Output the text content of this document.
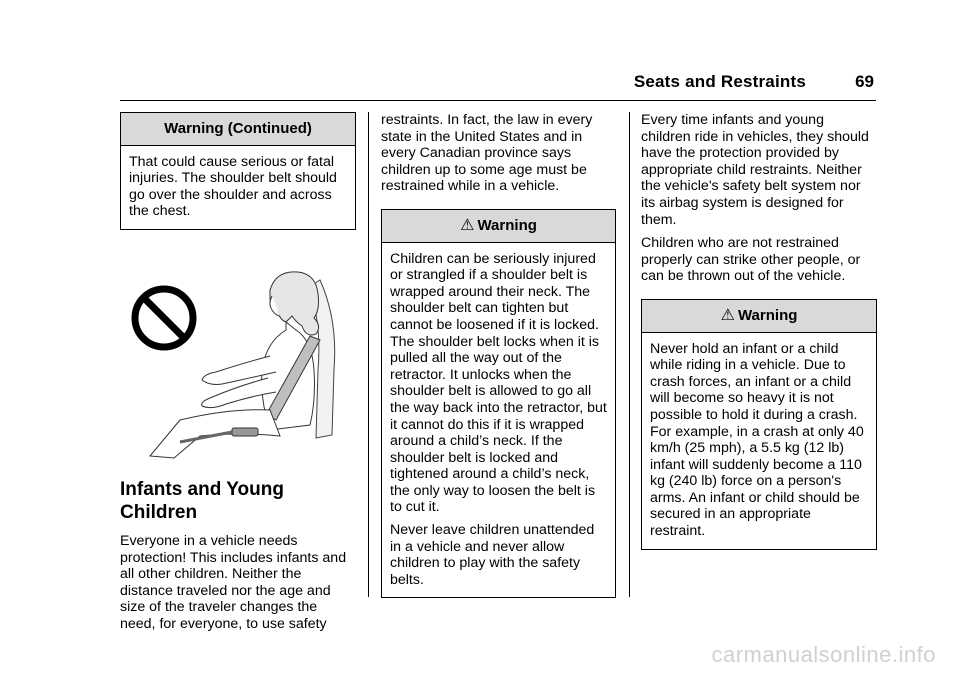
Seats and Restraints	69
Warning (Continued)

That could cause serious or fatal injuries. The shoulder belt should go over the shoulder and across the chest.

Infants and Young Children

Everyone in a vehicle needs protection! This includes infants and all other children. Neither the distance traveled nor the age and size of the traveler changes the need, for everyone, to use safety

restraints. In fact, the law in every state in the United States and in every Canadian province says children up to some age must be restrained while in a vehicle.

⚠ Warning

Children can be seriously injured or strangled if a shoulder belt is wrapped around their neck. The shoulder belt can tighten but cannot be loosened if it is locked. The shoulder belt locks when it is pulled all the way out of the retractor. It unlocks when the shoulder belt is allowed to go all the way back into the retractor, but it cannot do this if it is wrapped around a child’s neck. If the shoulder belt is locked and tightened around a child’s neck, the only way to loosen the belt is to cut it.

Never leave children unattended in a vehicle and never allow children to play with the safety belts.

Every time infants and young children ride in vehicles, they should have the protection provided by appropriate child restraints. Neither the vehicle's safety belt system nor its airbag system is designed for them.

Children who are not restrained properly can strike other people, or can be thrown out of the vehicle.

⚠ Warning

Never hold an infant or a child while riding in a vehicle. Due to crash forces, an infant or a child will become so heavy it is not possible to hold it during a crash. For example, in a crash at only 40 km/h (25 mph), a 5.5 kg (12 lb) infant will suddenly become a 110 kg (240 lb) force on a person's arms. An infant or child should be secured in an appropriate restraint.

carmanualsonline.info
